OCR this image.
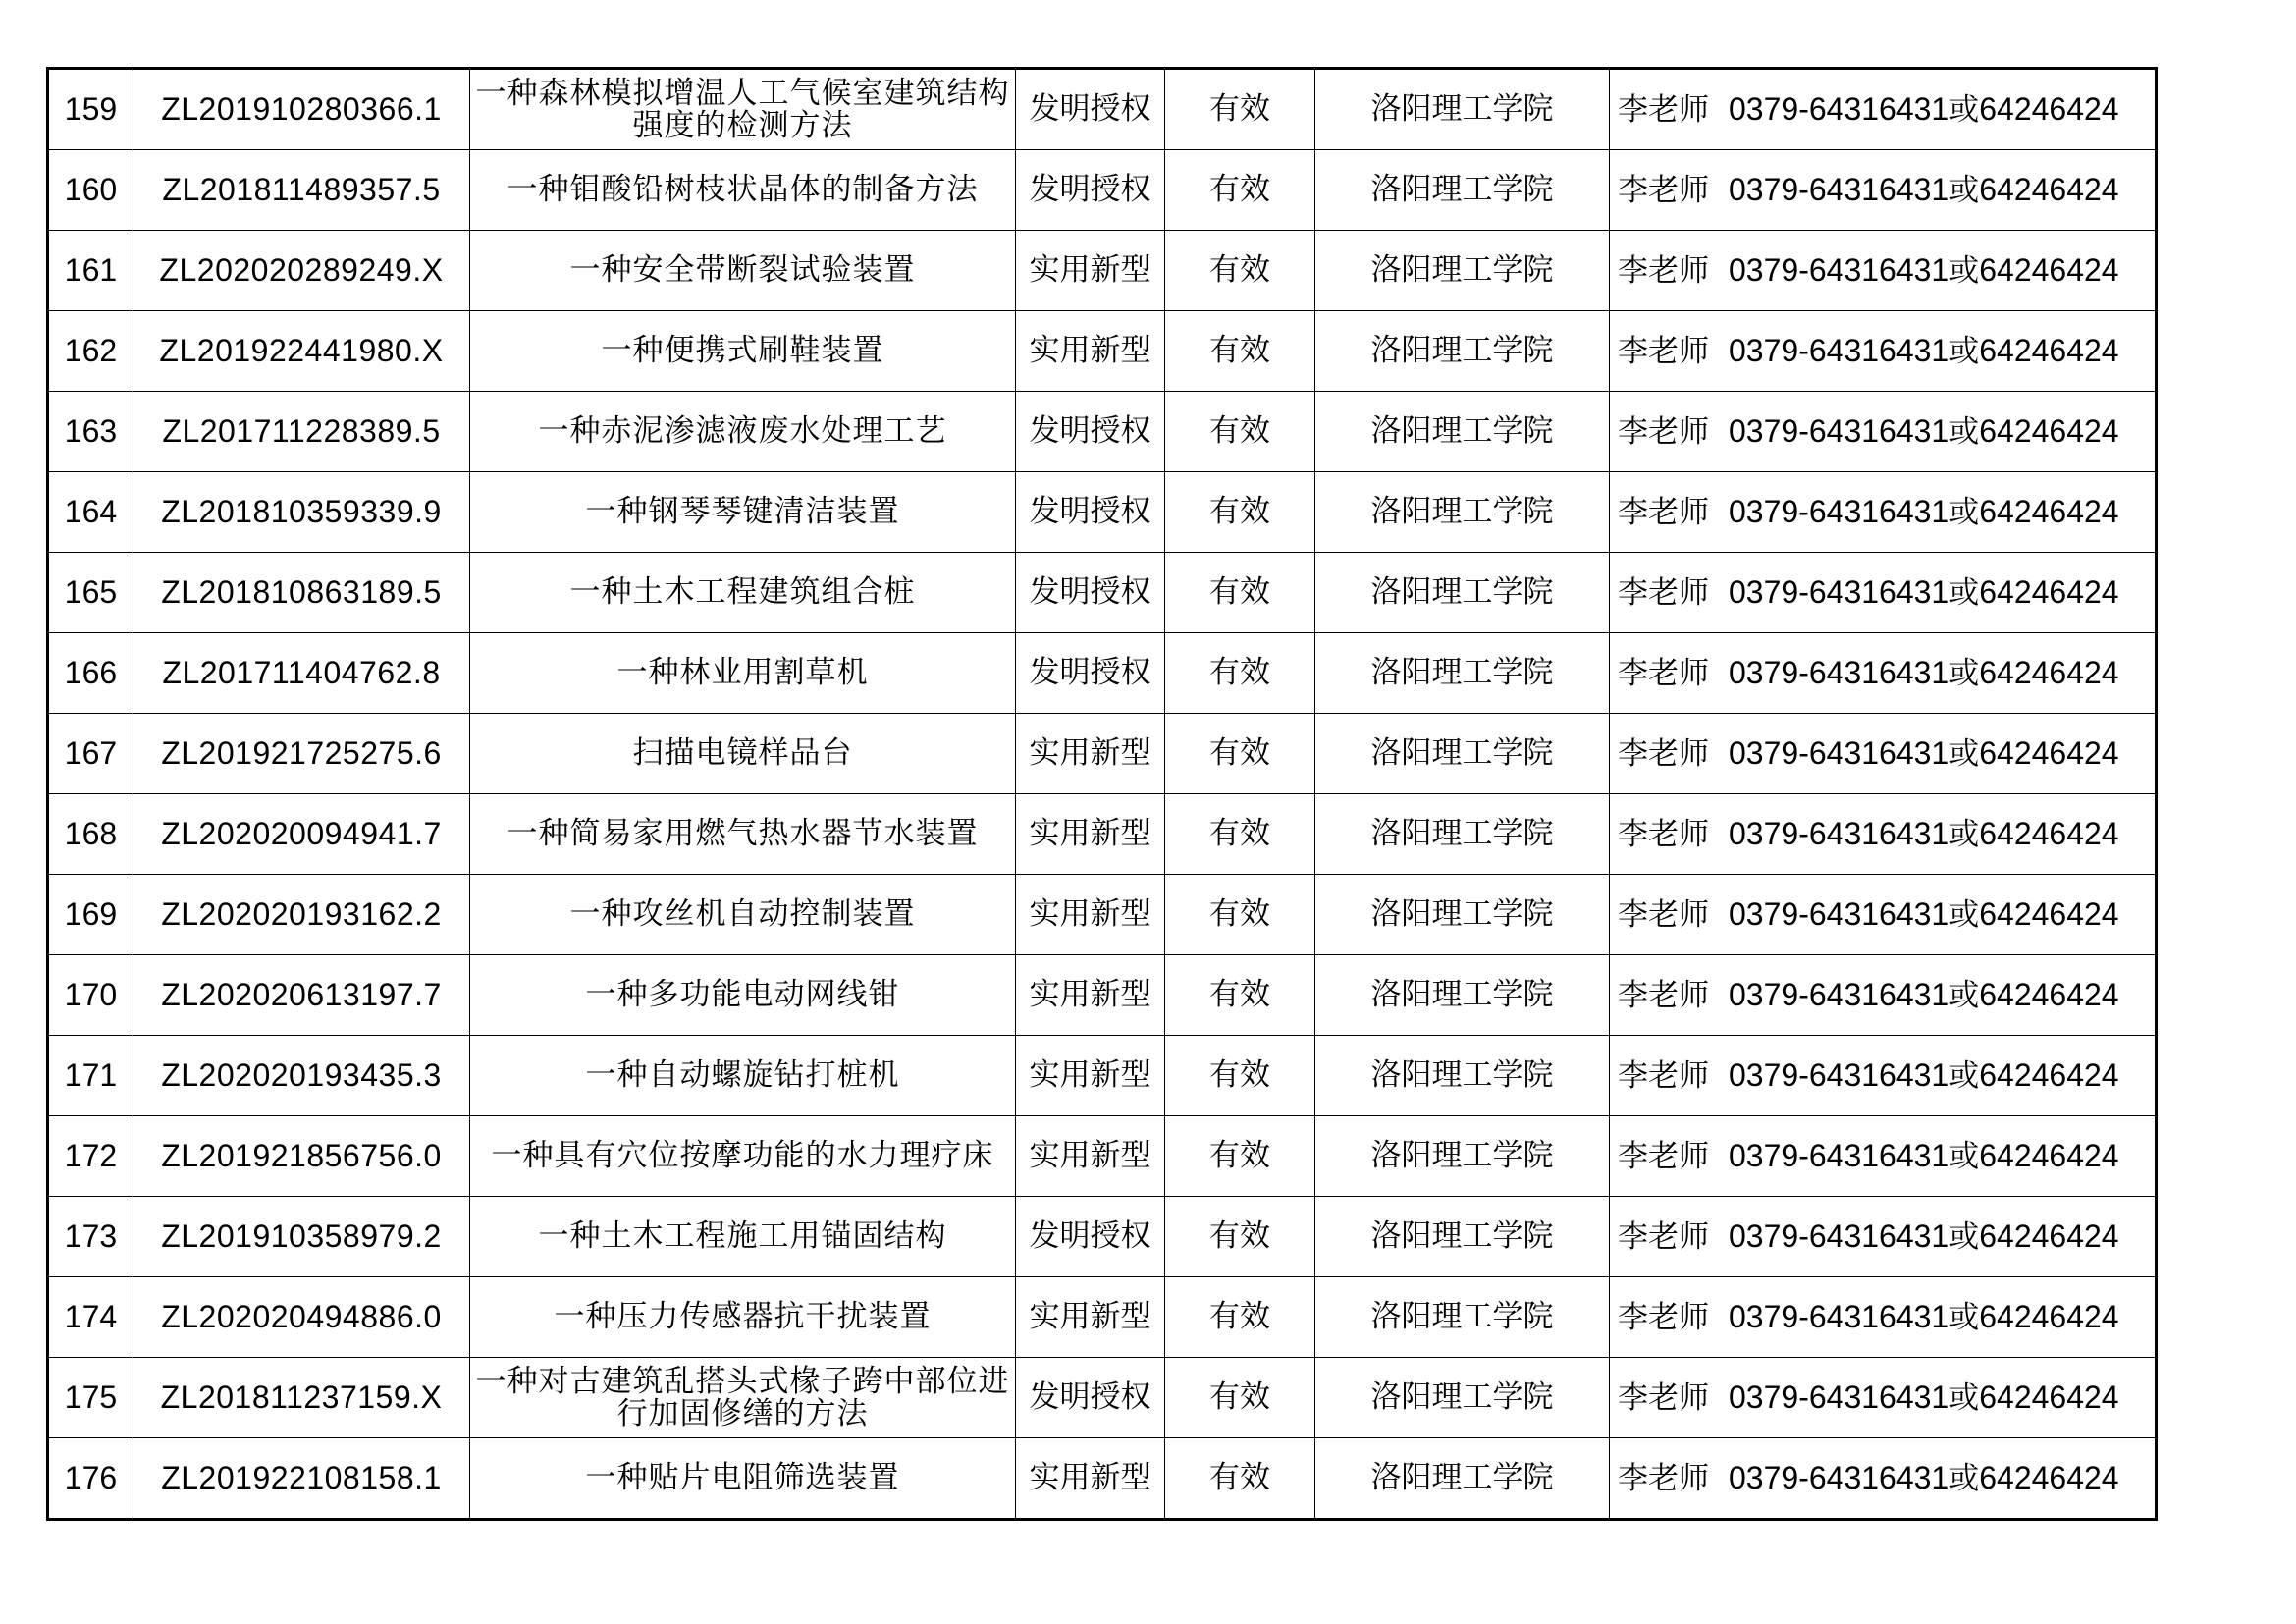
159	ZL201910280366.1	一种森林模拟增温人工气候室建筑结构强度的检测方法	发明授权	有效	洛阳理工学院	李老师 0379-64316431或64246424
160	ZL201811489357.5	一种钼酸铅树枝状晶体的制备方法	发明授权	有效	洛阳理工学院	李老师 0379-64316431或64246424
161	ZL202020289249.X	一种安全带断裂试验装置	实用新型	有效	洛阳理工学院	李老师 0379-64316431或64246424
162	ZL201922441980.X	一种便携式刷鞋装置	实用新型	有效	洛阳理工学院	李老师 0379-64316431或64246424
163	ZL201711228389.5	一种赤泥渗滤液废水处理工艺	发明授权	有效	洛阳理工学院	李老师 0379-64316431或64246424
164	ZL201810359339.9	一种钢琴琴键清洁装置	发明授权	有效	洛阳理工学院	李老师 0379-64316431或64246424
165	ZL201810863189.5	一种土木工程建筑组合桩	发明授权	有效	洛阳理工学院	李老师 0379-64316431或64246424
166	ZL201711404762.8	一种林业用割草机	发明授权	有效	洛阳理工学院	李老师 0379-64316431或64246424
167	ZL201921725275.6	扫描电镜样品台	实用新型	有效	洛阳理工学院	李老师 0379-64316431或64246424
168	ZL202020094941.7	一种简易家用燃气热水器节水装置	实用新型	有效	洛阳理工学院	李老师 0379-64316431或64246424
169	ZL202020193162.2	一种攻丝机自动控制装置	实用新型	有效	洛阳理工学院	李老师 0379-64316431或64246424
170	ZL202020613197.7	一种多功能电动网线钳	实用新型	有效	洛阳理工学院	李老师 0379-64316431或64246424
171	ZL202020193435.3	一种自动螺旋钻打桩机	实用新型	有效	洛阳理工学院	李老师 0379-64316431或64246424
172	ZL201921856756.0	一种具有穴位按摩功能的水力理疗床	实用新型	有效	洛阳理工学院	李老师 0379-64316431或64246424
173	ZL201910358979.2	一种土木工程施工用锚固结构	发明授权	有效	洛阳理工学院	李老师 0379-64316431或64246424
174	ZL202020494886.0	一种压力传感器抗干扰装置	实用新型	有效	洛阳理工学院	李老师 0379-64316431或64246424
175	ZL201811237159.X	一种对古建筑乱搭头式椽子跨中部位进行加固修缮的方法	发明授权	有效	洛阳理工学院	李老师 0379-64316431或64246424
176	ZL201922108158.1	一种贴片电阻筛选装置	实用新型	有效	洛阳理工学院	李老师 0379-64316431或64246424
